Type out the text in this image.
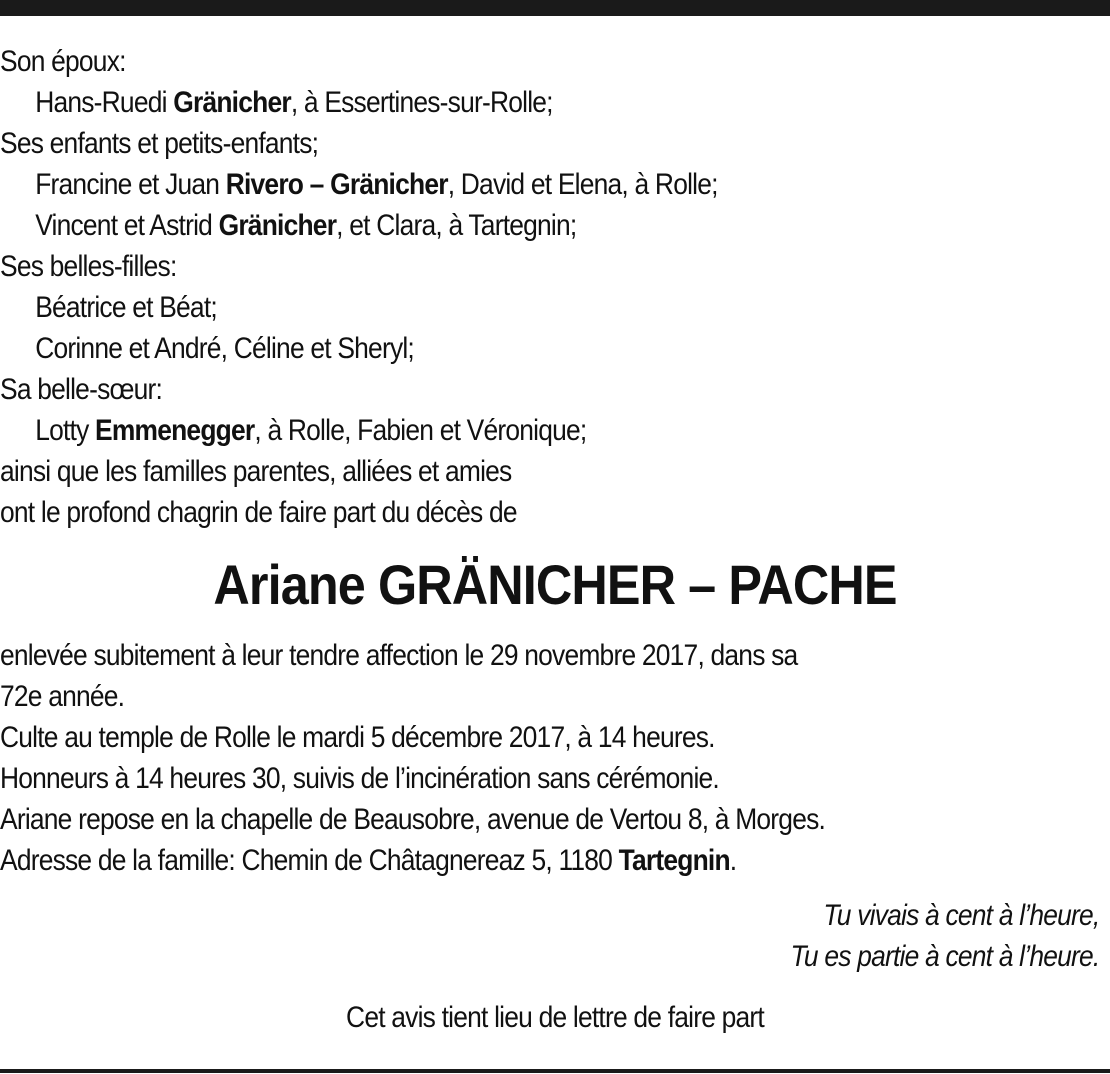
Son époux:
Hans-Ruedi Gränicher, à Essertines-sur-Rolle;
Ses enfants et petits-enfants;
Francine et Juan Rivero – Gränicher, David et Elena, à Rolle;
Vincent et Astrid Gränicher, et Clara, à Tartegnin;
Ses belles-filles:
Béatrice et Béat;
Corinne et André, Céline et Sheryl;
Sa belle-sœur:
Lotty Emmenegger, à Rolle, Fabien et Véronique;
ainsi que les familles parentes, alliées et amies
ont le profond chagrin de faire part du décès de
Ariane GRÄNICHER – PACHE
enlevée subitement à leur tendre affection le 29 novembre 2017, dans sa
72e année.
Culte au temple de Rolle le mardi 5 décembre 2017, à 14 heures.
Honneurs à 14 heures 30, suivis de l’incinération sans cérémonie.
Ariane repose en la chapelle de Beausobre, avenue de Vertou 8, à Morges.
Adresse de la famille: Chemin de Châtagnereaz 5, 1180 Tartegnin.
Tu vivais à cent à l’heure,
Tu es partie à cent à l’heure.
Cet avis tient lieu de lettre de faire part
